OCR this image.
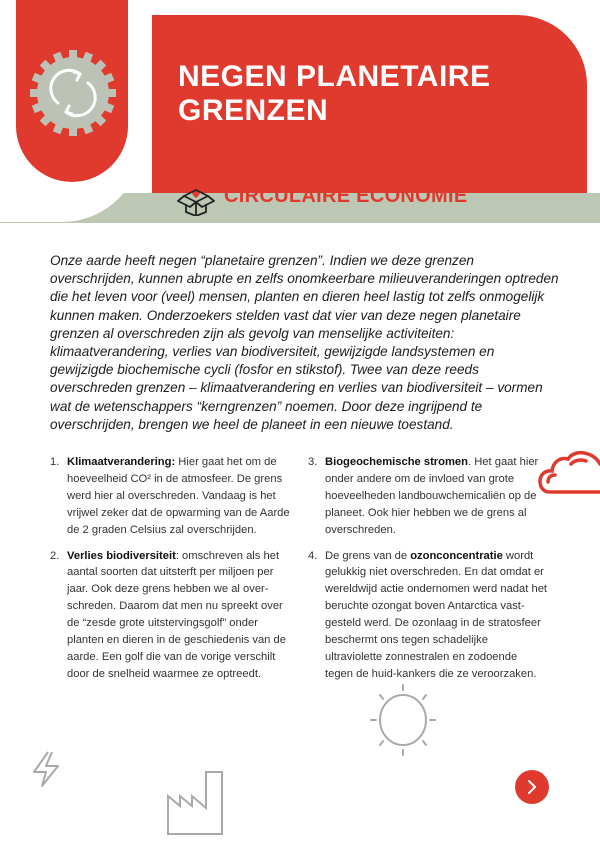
NEGEN PLANETAIRE
GRENZEN
CIRCULAIRE ECONOMIE
Onze aarde heeft negen “planetaire grenzen”. Indien we deze grenzen overschrijden, kunnen abrupte en zelfs onomkeerbare milieuveranderingen optreden die het leven voor (veel) mensen, planten en dieren heel lastig tot zelfs onmogelijk kunnen maken. Onderzoekers stelden vast dat vier van deze negen planetaire grenzen al overschreden zijn als gevolg van menselijke activiteiten: klimaatverandering, verlies van biodiversiteit, gewijzigde landsystemen en gewijzigde biochemische cycli (fosfor en stikstof). Twee van deze reeds overschreden grenzen – klimaatverandering en verlies van biodiversiteit – vormen wat de wetenschappers “kerngrenzen” noemen. Door deze ingrijpend te overschrijden, brengen we heel de planeet in een nieuwe toestand.
1. Klimaatverandering: Hier gaat het om de hoeveelheid CO² in de atmosfeer. De grens werd hier al overschreden. Vandaag is het vrijwel zeker dat de opwarming van de Aarde de 2 graden Celsius zal overschrijden.
2. Verlies biodiversiteit: omschreven als het aantal soorten dat uitsterft per miljoen per jaar. Ook deze grens hebben we al over-schreden. Daarom dat men nu spreekt over de “zesde grote uitstervingsgolf” onder planten en dieren in de geschiedenis van de aarde. Een golf die van de vorige verschilt door de snelheid waarmee ze optreedt.
3. Biogeochemische stromen. Het gaat hier onder andere om de invloed van grote hoeveelheden landbouwchemicaliën op de planeet. Ook hier hebben we de grens al overschreden.
4. De grens van de ozonconcentratie wordt gelukkig niet overschreden. En dat omdat er wereldwijd actie ondernomen werd nadat het beruchte ozongat boven Antarctica vast-gesteld werd. De ozonlaag in de stratosfeer beschermt ons tegen schadelijke ultraviolette zonnestralen en zodoende tegen de huid-kankers die ze veroorzaken.
